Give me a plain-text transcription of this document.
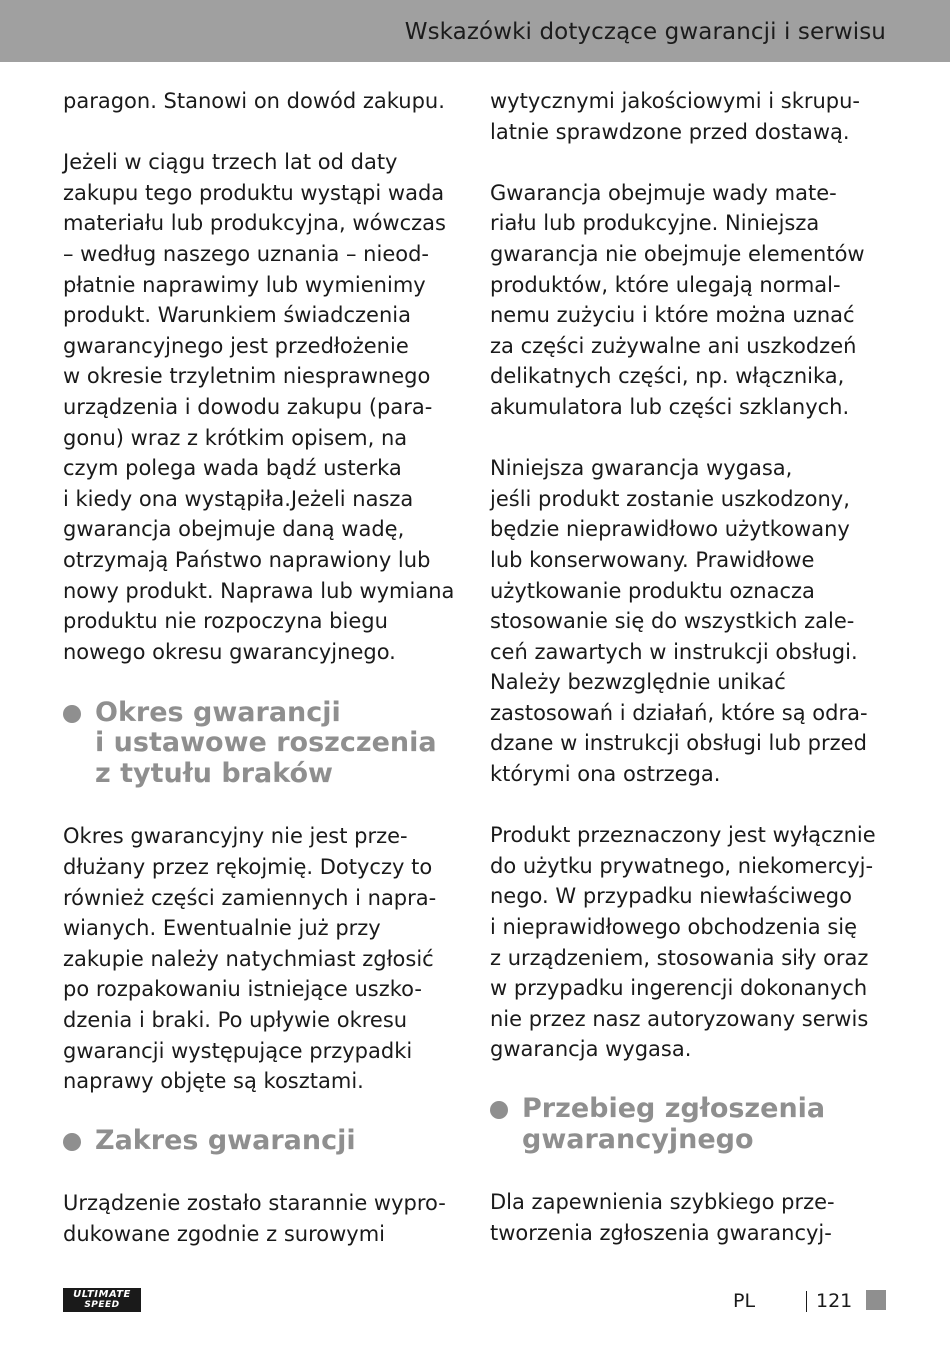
Wskazówki dotyczące gwarancji i serwisu

paragon. Stanowi on dowód zakupu.

Jeżeli w ciągu trzech lat od daty
zakupu tego produktu wystąpi wada
materiału lub produkcyjna, wówczas
– według naszego uznania – nieod-
płatnie naprawimy lub wymienimy
produkt. Warunkiem świadczenia
gwarancyjnego jest przedłożenie
w okresie trzyletnim niesprawnego
urządzenia i dowodu zakupu (para-
gonu) wraz z krótkim opisem, na
czym polega wada bądź usterka
i kiedy ona wystąpiła.Jeżeli nasza
gwarancja obejmuje daną wadę,
otrzymają Państwo naprawiony lub
nowy produkt. Naprawa lub wymiana
produktu nie rozpoczyna biegu
nowego okresu gwarancyjnego.

Okres gwarancji
i ustawowe roszczenia
z tytułu braków

Okres gwarancyjny nie jest prze-
dłużany przez rękojmię. Dotyczy to
również części zamiennych i napra-
wianych. Ewentualnie już przy
zakupie należy natychmiast zgłosić
po rozpakowaniu istniejące uszko-
dzenia i braki. Po upływie okresu
gwarancji występujące przypadki
naprawy objęte są kosztami.

Zakres gwarancji

Urządzenie zostało starannie wypro-
dukowane zgodnie z surowymi

wytycznymi jakościowymi i skrupu-
latnie sprawdzone przed dostawą.

Gwarancja obejmuje wady mate-
riału lub produkcyjne. Niniejsza
gwarancja nie obejmuje elementów
produktów, które ulegają normal-
nemu zużyciu i które można uznać
za części zużywalne ani uszkodzeń
delikatnych części, np. włącznika,
akumulatora lub części szklanych.

Niniejsza gwarancja wygasa,
jeśli produkt zostanie uszkodzony,
będzie nieprawidłowo użytkowany
lub konserwowany. Prawidłowe
użytkowanie produktu oznacza
stosowanie się do wszystkich zale-
ceń zawartych w instrukcji obsługi.
Należy bezwzględnie unikać
zastosowań i działań, które są odra-
dzane w instrukcji obsługi lub przed
którymi ona ostrzega.

Produkt przeznaczony jest wyłącznie
do użytku prywatnego, niekomercyj-
nego. W przypadku niewłaściwego
i nieprawidłowego obchodzenia się
z urządzeniem, stosowania siły oraz
w przypadku ingerencji dokonanych
nie przez nasz autoryzowany serwis
gwarancja wygasa.

Przebieg zgłoszenia
gwarancyjnego

Dla zapewnienia szybkiego prze-
tworzenia zgłoszenia gwarancyj-

ULTIMATE
SPEED	PL	121
